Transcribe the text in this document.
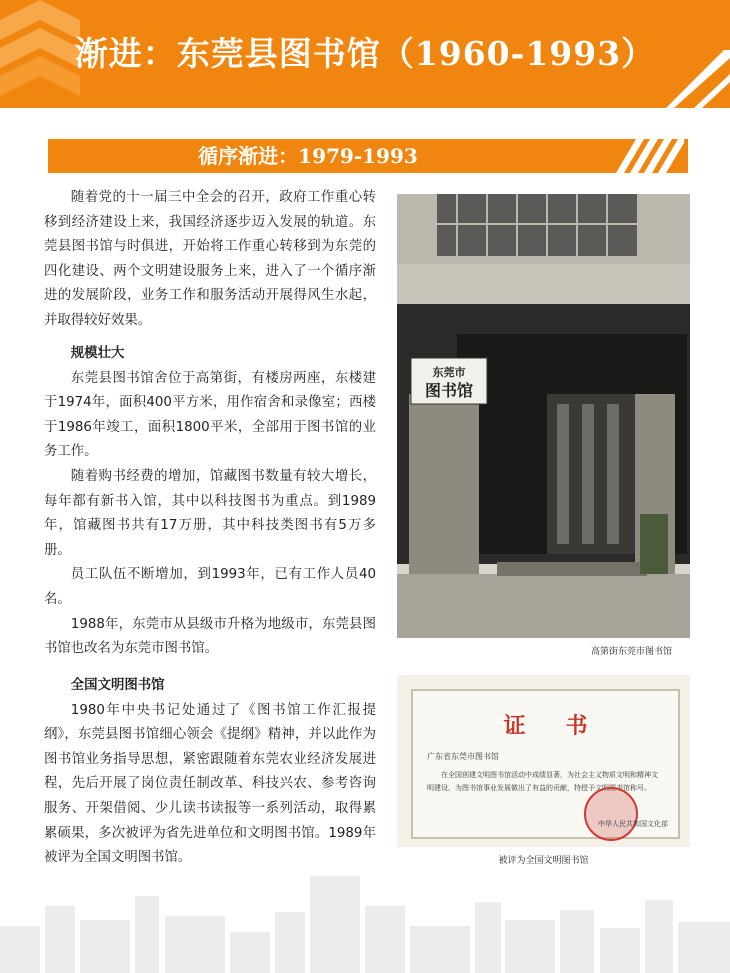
渐进：东莞县图书馆（1960-1993）
循序渐进：1979-1993

随着党的十一届三中全会的召开，政府工作重心转移到经济建设上来，我国经济逐步迈入发展的轨道。东莞县图书馆与时俱进，开始将工作重心转移到为东莞的四化建设、两个文明建设服务上来，进入了一个循序渐进的发展阶段，业务工作和服务活动开展得风生水起，并取得较好效果。

规模壮大

东莞县图书馆舍位于高第街，有楼房两座，东楼建于1974年，面积400平方米，用作宿舍和录像室；西楼于1986年竣工，面积1800平米，全部用于图书馆的业务工作。

随着购书经费的增加，馆藏图书数量有较大增长，每年都有新书入馆，其中以科技图书为重点。到1989年，馆藏图书共有17万册，其中科技类图书有5万多册。

员工队伍不断增加，到1993年，已有工作人员40名。

1988年，东莞市从县级市升格为地级市，东莞县图书馆也改名为东莞市图书馆。

全国文明图书馆

1980年中央书记处通过了《图书馆工作汇报提纲》，东莞县图书馆细心领会《提纲》精神，并以此作为图书馆业务指导思想，紧密跟随着东莞农业经济发展进程，先后开展了岗位责任制改革、科技兴农、参考咨询服务、开架借阅、少儿读书读报等一系列活动，取得累累硕果，多次被评为省先进单位和文明图书馆。1989年被评为全国文明图书馆。

东莞市
图书馆
高第街东莞市图书馆
证书
广东省东莞市图书馆
在全国创建文明图书馆活动中成绩显著，为社会主义物质文明和精神文明建设、为图书馆事业发展做出了有益的贡献，特授予文明图书馆称号。
中华人民共和国文化部
被评为全国文明图书馆
